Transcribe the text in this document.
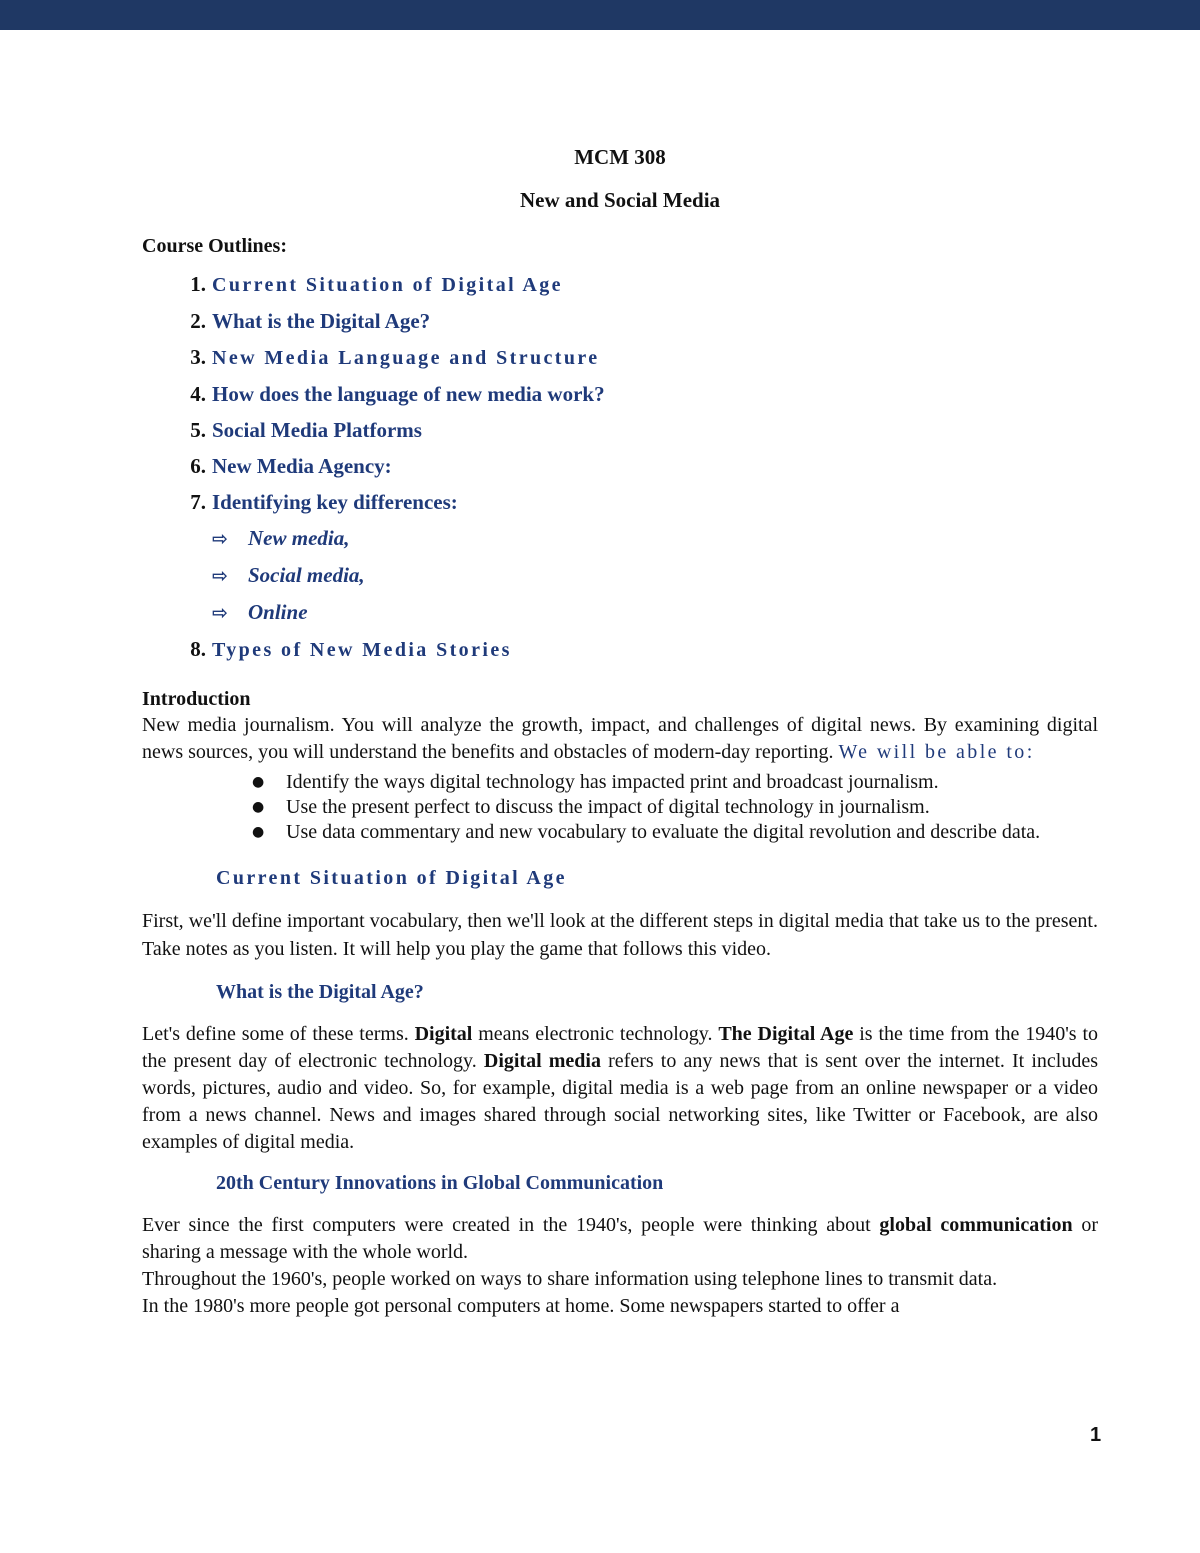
MCM 308

New and Social Media

Course Outlines:

1. Current Situation of Digital Age
2. What is the Digital Age?
3. New Media Language and Structure
4. How does the language of new media work?
5. Social Media Platforms
6. New Media Agency:
7. Identifying key differences:
⇨ New media,
⇨ Social media,
⇨ Online
8. Types of New Media Stories

Introduction

New media journalism. You will analyze the growth, impact, and challenges of digital news. By examining digital news sources, you will understand the benefits and obstacles of modern-day reporting. We will be able to:

●	Identify the ways digital technology has impacted print and broadcast journalism.
●	Use the present perfect to discuss the impact of digital technology in journalism.
●	Use data commentary and new vocabulary to evaluate the digital revolution and describe data.

Current Situation of Digital Age

First, we'll define important vocabulary, then we'll look at the different steps in digital media that take us to the present. Take notes as you listen. It will help you play the game that follows this video.

What is the Digital Age?

Let's define some of these terms. Digital means electronic technology. The Digital Age is the time from the 1940's to the present day of electronic technology. Digital media refers to any news that is sent over the internet. It includes words, pictures, audio and video. So, for example, digital media is a web page from an online newspaper or a video from a news channel. News and images shared through social networking sites, like Twitter or Facebook, are also examples of digital media.

20th Century Innovations in Global Communication

Ever since the first computers were created in the 1940's, people were thinking about global communication or sharing a message with the whole world.

Throughout the 1960's, people worked on ways to share information using telephone lines to transmit data.

In the 1980's more people got personal computers at home. Some newspapers started to offer a

1
